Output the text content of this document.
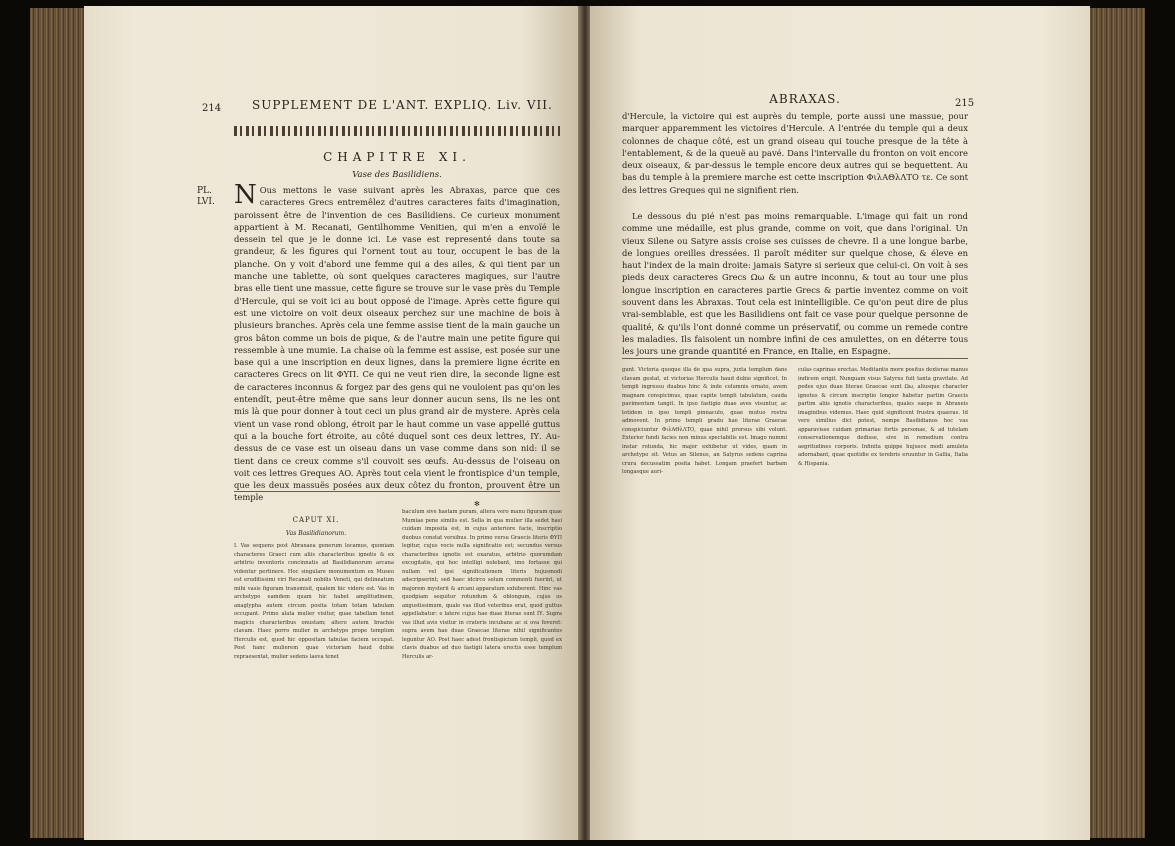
214	SUPPLEMENT DE L'ANT. EXPLIQ. Liv. VII.
CHAPITRE XI.
Vase des Basilidiens.
PL.
LVI. N Ous mettons le vase suivant après les Abraxas, parce que ces caracteres Grecs entremêlez d'autres caracteres faits d'imagination, paroissent être de l'invention de ces Basilidiens. Ce curieux monument appartient à M. Recanati, Gentilhomme Venitien, qui m'en a envoïé le dessein tel que je le donne ici. Le vase est representé dans toute sa grandeur, & les figures qui l'ornent tout au tour, occupent le bas de la planche. On y voit d'abord une femme qui a des ailes, & qui tient par un manche une tablette, où sont quelques caracteres magiques, sur l'autre bras elle tient une massue, cette figure se trouve sur le vase près du Temple d'Hercule, qui se voit ici au bout opposé de l'image. Après cette figure qui est une victoire on voit deux oiseaux perchez sur une machine de bois à plusieurs branches. Après cela une femme assise tient de la main gauche un gros bâton comme un bois de pique, & de l'autre main une petite figure qui ressemble à une mumie. La chaise où la femme est assise, est posée sur une base qui a une inscription en deux lignes, dans la premiere ligne écrite en caracteres Grecs on lit ΦΥΠ. Ce qui ne veut rien dire, la seconde ligne est de caracteres inconnus & forgez par des gens qui ne vouloient pas qu'on les entendît, peut-être même que sans leur donner aucun sens, ils ne les ont mis là que pour donner à tout ceci un plus grand air de mystere. Après cela vient un vase rond oblong, étroit par le haut comme un vase appellé guttus qui a la bouche fort étroite, au côté duquel sont ces deux lettres, IΥ. Au-dessus de ce vase est un oiseau dans un vase comme dans son nid: il se tient dans ce creux comme s'il couvoit ses œufs. Au-dessus de l'oiseau on voit ces lettres Greques AO. Après tout cela vient le frontispice d'un temple, que les deux massuës posées aux deux côtez du fronton, prouvent être un temple

✻
CAPUT XI.
Vas Basilidianorum.

I. Vas sequens post Abraxaea generum locamus, quoniam characteres Graeci cum aliis characteribus ignotis & ex arbitrio inventoris concinnatis ad Basilidianorum arcana videntur pertinere. Hoc singulare monumentum ex Museo est eruditissimi viri Recanati nobilis Veneti, qui delineatum mihi vasis figuram transmisit, qualem hic videre est. Vas in archetypo eamdem quam hic habet amplitudinem, anaglypha autem circum posita totam totam tabulam occupant. Primo alata mulier visitur, quae tabellam tenet magicis characteribus onustam; altero autem brachio clavam. Haec porro mulier in archetypo prope templum Herculis est, quod hic oppositam tabulae faciem occupat. Post hanc mulierem quae victoriam haud dubie repraesentat, mulier sedens laeva tenet

baculum sive hastam puram, altera vero manu figuram quae Mumiae pene similis est. Sella in qua mulier illa sedet basi cuidam imposita est, in cujus anteriore facie, inscriptio duobus constat versibus. In primo versu Graecis literis ΦΥΠ legitur, cujus vocis nulla significatio est; secundus versus characteribus ignotis est exaratus, arbitrio quorumdam excogitatis, qui hoc intelligi nolebant, imo fortasse qui nullam vel ipsi significationem literis hujusmodi adscripserint; sed haec idcirco solum commenti fuerint, ut majorem mysterii & arcani apparatum exhiberent. Hinc vas quodpiam sequitur rotundum & oblongum, cujus os angustissimum, quale vas illud veteribus erat, quod guttus appellabatur: e latere cujus hae duae literae sunt IΥ. Supra vas illud avis visitur in crateris incubans ac si ova foveret: supra avem hae duae Graecae literae nihil significantes leguntur AO. Post haec adest frontispicium templi, quod ex clavis duabus ad duo fastigii latera erectis esse templum Herculis ar-

ABRAXAS.	215

d'Hercule, la victoire qui est auprès du temple, porte aussi une massue, pour marquer apparemment les victoires d'Hercule. A l'entrée du temple qui a deux colonnes de chaque côté, est un grand oiseau qui touche presque de la tête à l'entablement, & de la queuë au pavé. Dans l'intervalle du fronton on voit encore deux oiseaux, & par-dessus le temple encore deux autres qui se bequettent. Au bas du temple à la premiere marche est cette inscription ΦιλΑΘλΛΤΟ τε. Ce sont des lettres Greques qui ne signifient rien.

Le dessous du pié n'est pas moins remarquable. L'image qui fait un rond comme une médaille, est plus grande, comme on voit, que dans l'original. Un vieux Silene ou Satyre assis croise ses cuisses de chevre. Il a une longue barbe, de longues oreilles dressées. Il paroît méditer sur quelque chose, & éleve en haut l'index de la main droite: jamais Satyre si serieux que celui-ci. On voit à ses pieds deux caracteres Grecs Ωω & un autre inconnu, & tout au tour une plus longue inscription en caracteres partie Grecs & partie inventez comme on voit souvent dans les Abraxas. Tout cela est inintelligible. Ce qu'on peut dire de plus vrai-semblable, est que les Basilidiens ont fait ce vase pour quelque personne de qualité, & qu'ils l'ont donné comme un préservatif, ou comme un remede contre les maladies. Ils faisoient un nombre infini de ces amulettes, on en déterre tous les jours une grande quantité en France, en Italie, en Espagne.

gunt. Victoria quoque illa de qua supra, juxta templum dans clavam gestat, ut victorias Herculis haud dubie significet. In templi ingressu duabus hinc & inde columnis ornato, avem magnam conspicimus, quae capite templi tabulatum, cauda pavimentum tangit. In ipso fastigio duae aves visuntur, ac totidem in ipso templi pinnaculo, quae mutuo rostra admovent. In primo templi gradu hae literae Graecae conspiciuntur ΦιλΑΘλΛΤΟ, quae nihil prorsus sibi volunt. Exterior fundi facies non minus spectabilis est. Imago nummi instar rotunda, hic major exhibetur ut vides, quam in archetypo sit. Vetus an Silenus, an Satyrus sedens caprina crura decussatim posita habet. Longam praefert barbam longasque auri-

culas caprinas erectas. Meditantis more positus dexterae manus indicem erigit. Nunquam visus Satyrus fuit tanta gravitate. Ad pedes ejus duae literae Graecae sunt Ωω, aliusque character ignotus & circum inscriptio longior habetur partim Graecis partim aliis ignotis characteribus, quales saepe in Abraxeis imaginibus videmus. Haec quid significent frustra quaeras. Id vero similius dici potest, nempe Basilidianos hoc vas apparavisse cuidam primariae fortis personae, & ad tutelam conservationemque dedisse, sive in remedium contra aegritudines corporis. Infinita quippe hujusce modi amuleta adornabant, quae quotidie ex terebris eruuntur in Gallia, Italia & Hispania.
